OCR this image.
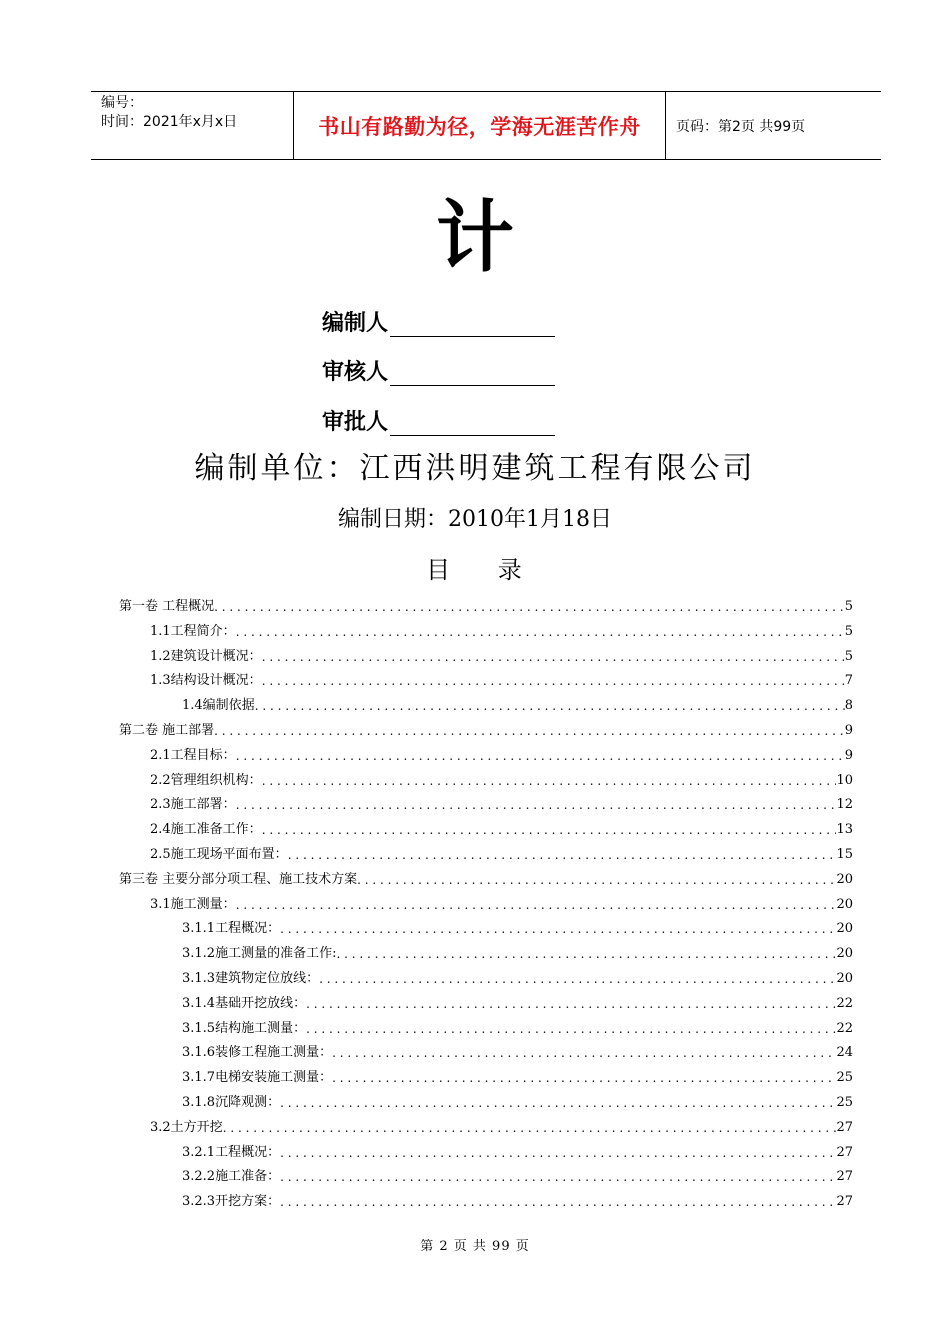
编号：
时间：2021年x月x日	书山有路勤为径，学海无涯苦作舟	页码：第2页 共99页
计
编制人
审核人
审批人
编制单位：江西洪明建筑工程有限公司
编制日期：2010年1月18日
目 录
第一卷 工程概况 . . .	5
1.1工程简介： . . .	5
1.2建筑设计概况： . . .	5
1.3结构设计概况： . . .	7
1.4编制依据 . . .	8
第二卷 施工部署 . . .	9
2.1工程目标： . . .	9
2.2管理组织机构： . . .	10
2.3施工部署： . . .	12
2.4施工准备工作： . . .	13
2.5施工现场平面布置： . . .	15
第三卷 主要分部分项工程、施工技术方案 . . .	20
3.1施工测量： . . .	20
3.1.1工程概况： . . .	20
3.1.2施工测量的准备工作: . . .	20
3.1.3建筑物定位放线： . . .	20
3.1.4基础开挖放线： . . .	22
3.1.5结构施工测量： . . .	22
3.1.6装修工程施工测量： . . .	24
3.1.7电梯安装施工测量： . . .	25
3.1.8沉降观测： . . .	25
3.2土方开挖 . . .	27
3.2.1工程概况： . . .	27
3.2.2施工准备： . . .	27
3.2.3开挖方案： . . .	27
第 2 页 共 99 页
